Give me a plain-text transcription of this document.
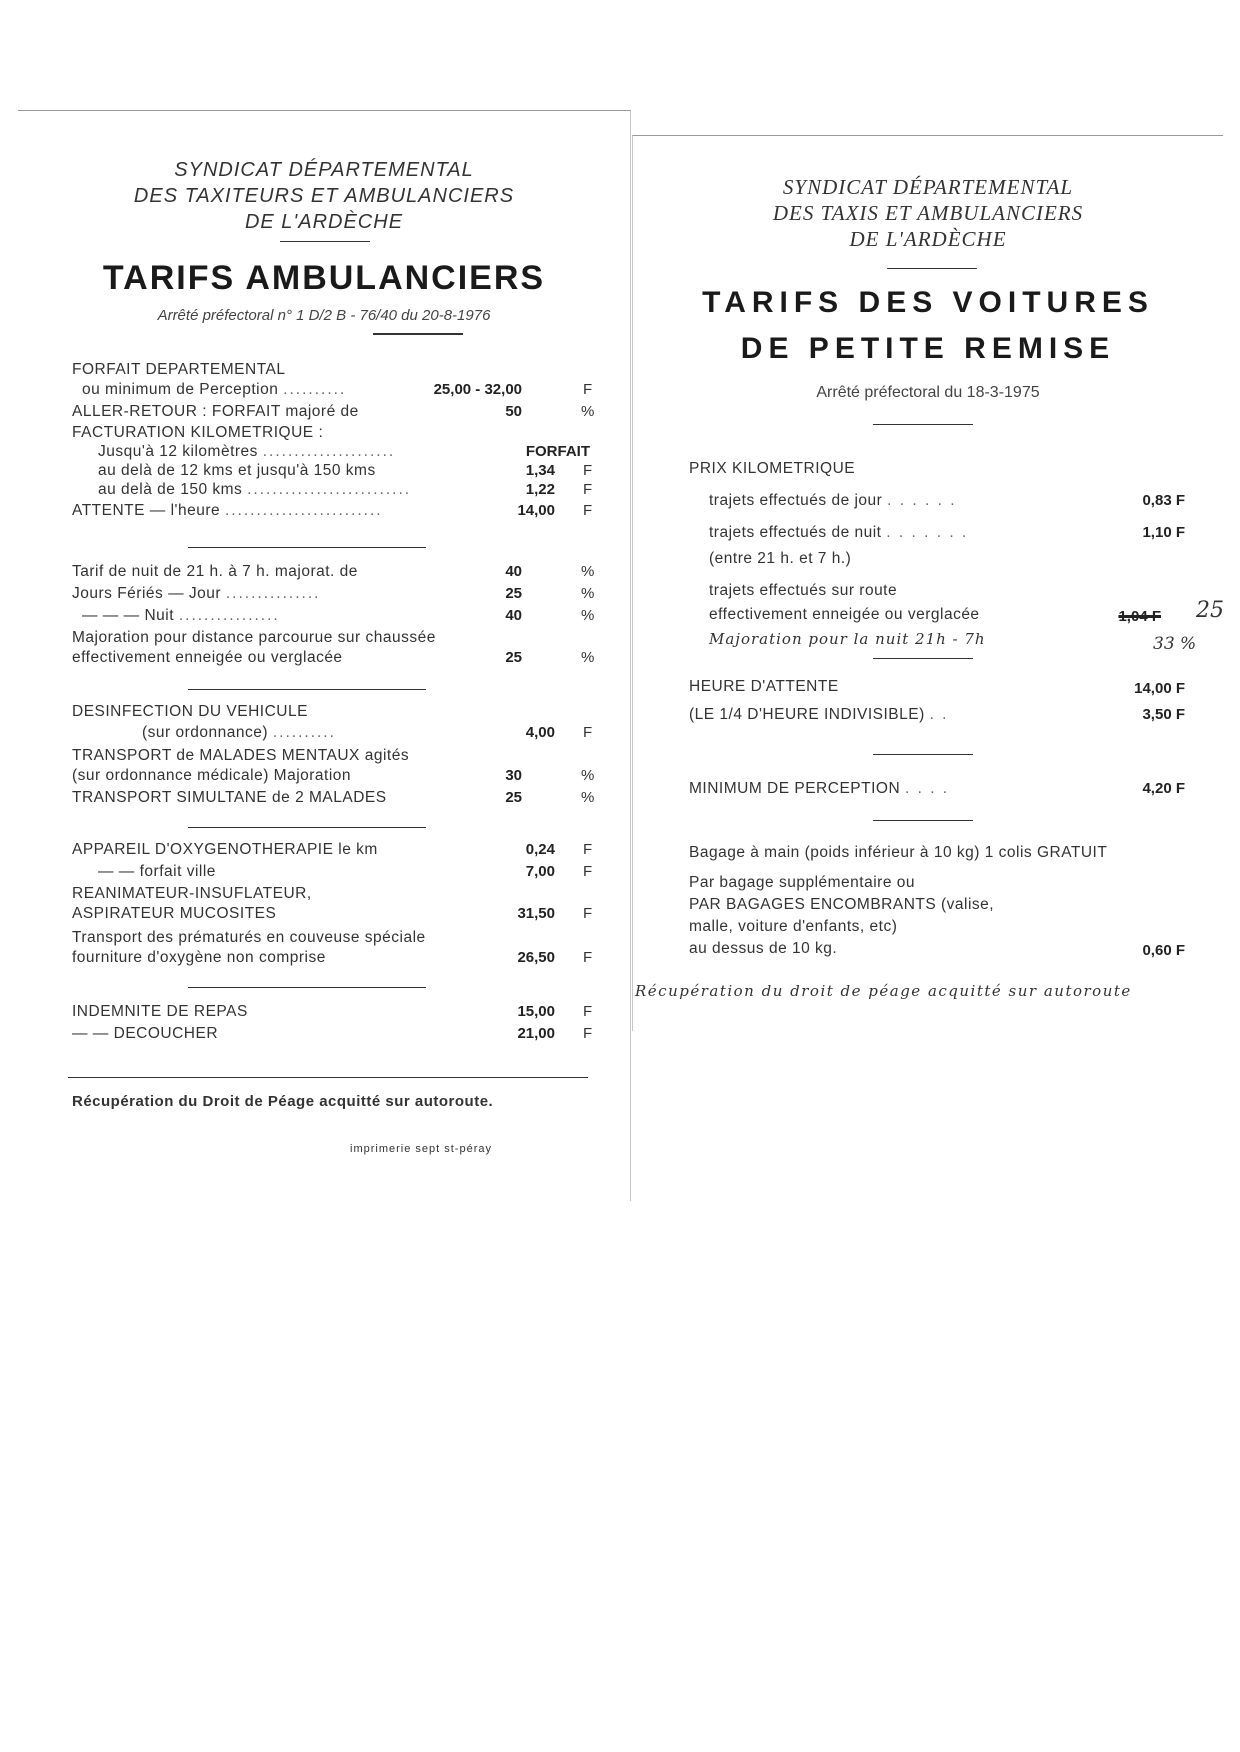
SYNDICAT DÉPARTEMENTAL
DES TAXITEURS ET AMBULANCIERS
DE L'ARDÈCHE
TARIFS AMBULANCIERS
Arrêté préfectoral n° 1 D/2 B - 76/40 du 20-8-1976
FORFAIT DEPARTEMENTAL
ou minimum de Perception ..........	25,00 - 32,00	F
ALLER-RETOUR : FORFAIT majoré de	50	%
FACTURATION KILOMETRIQUE :
Jusqu'à 12 kilomètres .....................	FORFAIT
au delà de 12 kms et jusqu'à 150 kms	1,34 F
au delà de 150 kms ..........................	1,22 F
ATTENTE — l'heure .........................	14,00 F
Tarif de nuit de 21 h. à 7 h. majorat. de	40	%
Jours Fériés — Jour ...............	25	%
— — — Nuit ................	40	%
Majoration pour distance parcourue sur chaussée
effectivement enneigée ou verglacée	25	%
DESINFECTION DU VEHICULE
(sur ordonnance) ..........	4,00 F
TRANSPORT de MALADES MENTAUX agités
(sur ordonnance médicale) Majoration	30	%
TRANSPORT SIMULTANE de 2 MALADES	25	%
APPAREIL D'OXYGENOTHERAPIE le km	0,24 F
— — forfait ville	7,00 F
REANIMATEUR-INSUFLATEUR,
ASPIRATEUR MUCOSITES	31,50 F
Transport des prématurés en couveuse spéciale
fourniture d'oxygène non comprise	26,50 F
INDEMNITE DE REPAS	15,00 F
— — DECOUCHER	21,00 F
Récupération du Droit de Péage acquitté sur autoroute.
imprimerie sept st-péray
SYNDICAT DÉPARTEMENTAL
DES TAXIS ET AMBULANCIERS
DE L'ARDÈCHE
TARIFS DES VOITURES
DE PETITE REMISE
Arrêté préfectoral du 18-3-1975
PRIX KILOMETRIQUE
trajets effectués de jour . . . . . .	0,83 F
trajets effectués de nuit . . . . . . .	1,10 F
(entre 21 h. et 7 h.)
trajets effectués sur route
effectivement enneigée ou verglacée	1,04 F 25
Majoration pour la nuit 21h - 7h	33 %
HEURE D'ATTENTE	14,00 F
(LE 1/4 D'HEURE INDIVISIBLE) . .	3,50 F
MINIMUM DE PERCEPTION . . . .	4,20 F
Bagage à main (poids inférieur à 10 kg) 1 colis GRATUIT
Par bagage supplémentaire ou
PAR BAGAGES ENCOMBRANTS (valise,
malle, voiture d'enfants, etc)
au dessus de 10 kg.	0,60 F
Récupération du droit de péage acquitté sur autoroute
